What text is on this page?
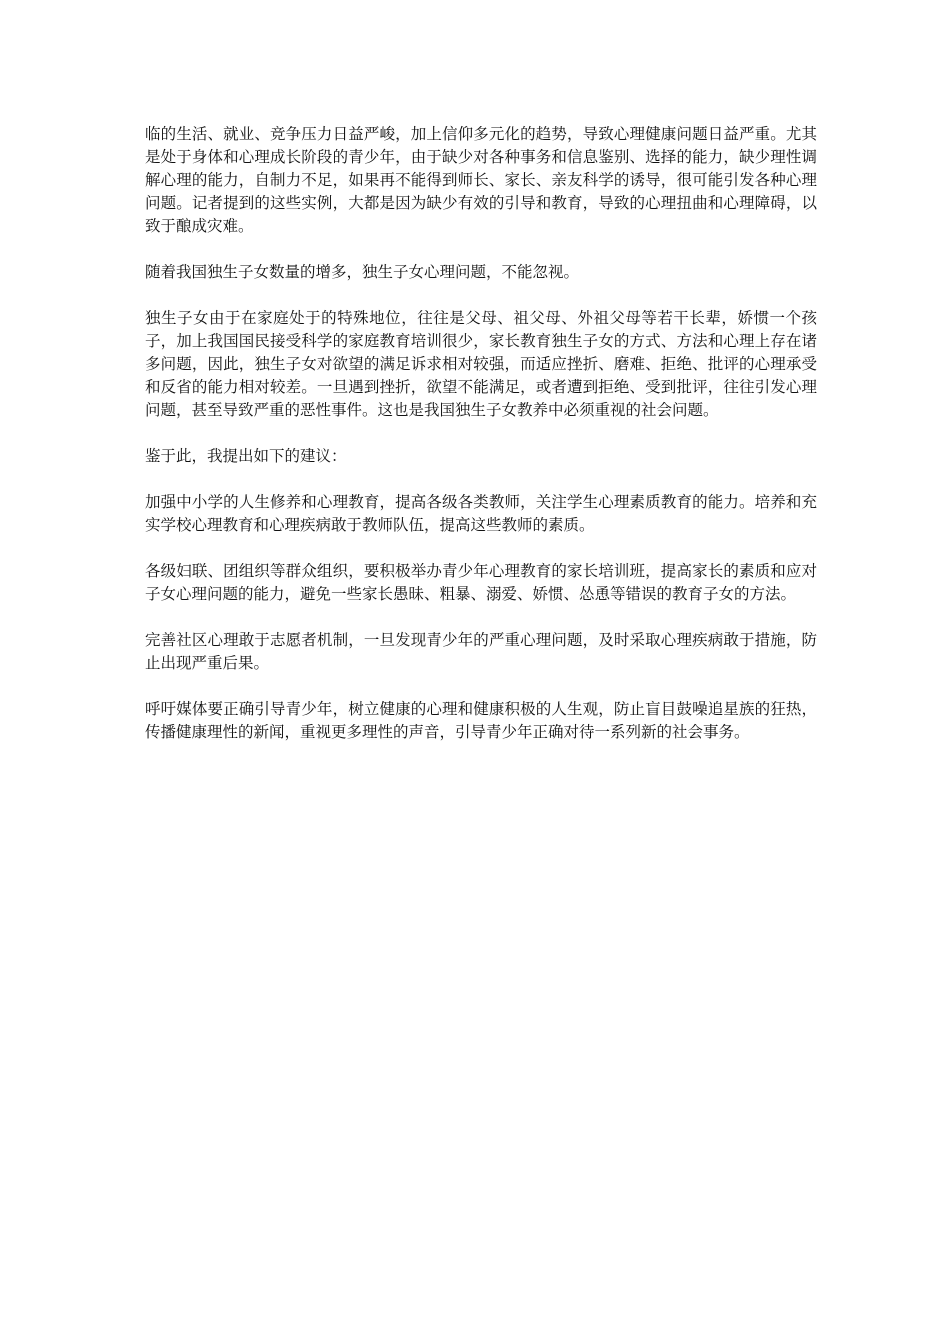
临的生活、就业、竞争压力日益严峻，加上信仰多元化的趋势，导致心理健康问题日益严重。尤其是处于身体和心理成长阶段的青少年，由于缺少对各种事务和信息鉴别、选择的能力，缺少理性调解心理的能力，自制力不足，如果再不能得到师长、家长、亲友科学的诱导，很可能引发各种心理问题。记者提到的这些实例，大都是因为缺少有效的引导和教育，导致的心理扭曲和心理障碍，以致于酿成灾难。

随着我国独生子女数量的增多，独生子女心理问题，不能忽视。

独生子女由于在家庭处于的特殊地位，往往是父母、祖父母、外祖父母等若干长辈，娇惯一个孩子，加上我国国民接受科学的家庭教育培训很少，家长教育独生子女的方式、方法和心理上存在诸多问题，因此，独生子女对欲望的满足诉求相对较强，而适应挫折、磨难、拒绝、批评的心理承受和反省的能力相对较差。一旦遇到挫折，欲望不能满足，或者遭到拒绝、受到批评，往往引发心理问题，甚至导致严重的恶性事件。这也是我国独生子女教养中必须重视的社会问题。

鉴于此，我提出如下的建议：

加强中小学的人生修养和心理教育，提高各级各类教师，关注学生心理素质教育的能力。培养和充实学校心理教育和心理疾病敢于教师队伍，提高这些教师的素质。

各级妇联、团组织等群众组织，要积极举办青少年心理教育的家长培训班，提高家长的素质和应对子女心理问题的能力，避免一些家长愚昧、粗暴、溺爱、娇惯、怂恿等错误的教育子女的方法。

完善社区心理敢于志愿者机制，一旦发现青少年的严重心理问题，及时采取心理疾病敢于措施，防止出现严重后果。

呼吁媒体要正确引导青少年，树立健康的心理和健康积极的人生观，防止盲目鼓噪追星族的狂热，传播健康理性的新闻，重视更多理性的声音，引导青少年正确对待一系列新的社会事务。
